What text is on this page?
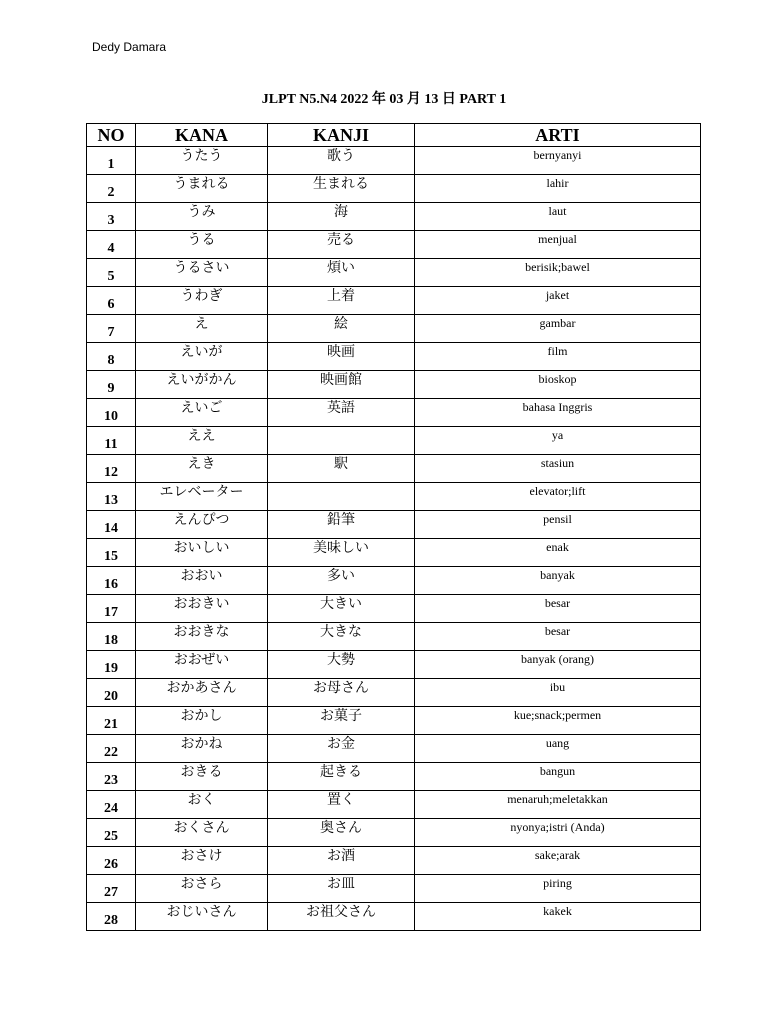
Dedy Damara
JLPT N5.N4 2022 年 03 月 13 日 PART 1
NO	KANA	KANJI	ARTI
1	うたう	歌う	bernyanyi
2	うまれる	生まれる	lahir
3	うみ	海	laut
4	うる	売る	menjual
5	うるさい	煩い	berisik;bawel
6	うわぎ	上着	jaket
7	え	絵	gambar
8	えいが	映画	film
9	えいがかん	映画館	bioskop
10	えいご	英語	bahasa Inggris
11	ええ		ya
12	えき	駅	stasiun
13	エレベーター		elevator;lift
14	えんぴつ	鉛筆	pensil
15	おいしい	美味しい	enak
16	おおい	多い	banyak
17	おおきい	大きい	besar
18	おおきな	大きな	besar
19	おおぜい	大勢	banyak (orang)
20	おかあさん	お母さん	ibu
21	おかし	お菓子	kue;snack;permen
22	おかね	お金	uang
23	おきる	起きる	bangun
24	おく	置く	menaruh;meletakkan
25	おくさん	奥さん	nyonya;istri (Anda)
26	おさけ	お酒	sake;arak
27	おさら	お皿	piring
28	おじいさん	お祖父さん	kakek
